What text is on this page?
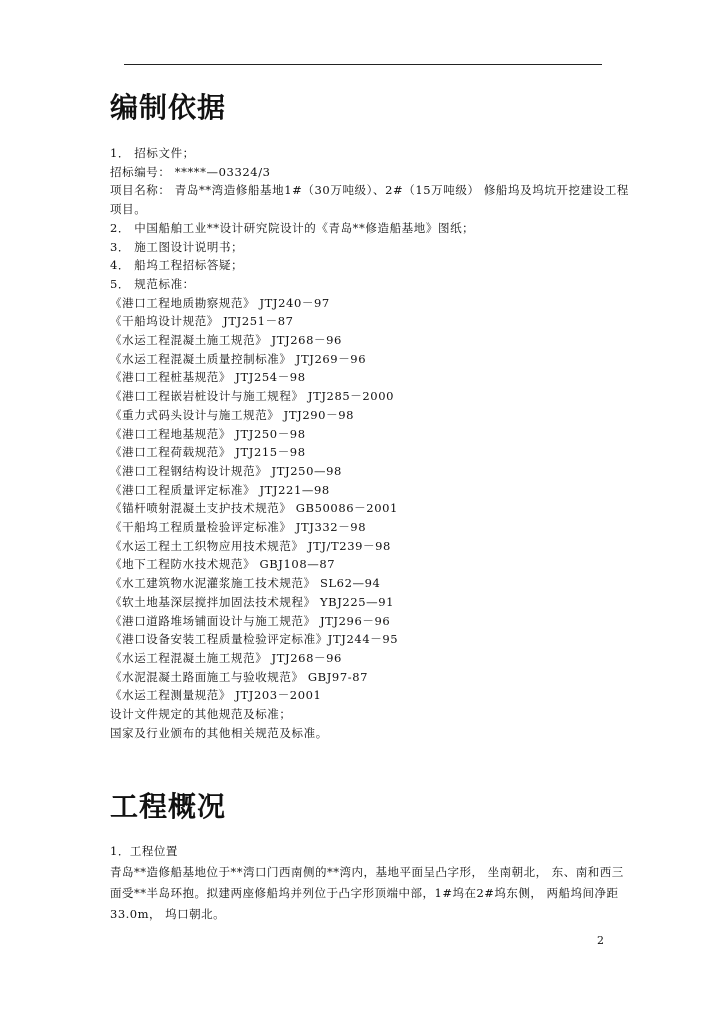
编制依据
1． 招标文件；
招标编号： *****—03324/3
项目名称： 青岛**湾造修船基地1#（30万吨级）、2#（15万吨级） 修船坞及坞坑开挖建设工程项目。
2． 中国船舶工业**设计研究院设计的《青岛**修造船基地》图纸；
3． 施工图设计说明书；
4． 船坞工程招标答疑；
5． 规范标准：
《港口工程地质勘察规范》 JTJ240－97
《干船坞设计规范》 JTJ251－87
《水运工程混凝土施工规范》 JTJ268－96
《水运工程混凝土质量控制标准》 JTJ269－96
《港口工程桩基规范》 JTJ254－98
《港口工程嵌岩桩设计与施工规程》 JTJ285－2000
《重力式码头设计与施工规范》 JTJ290－98
《港口工程地基规范》 JTJ250－98
《港口工程荷载规范》 JTJ215－98
《港口工程钢结构设计规范》 JTJ250—98
《港口工程质量评定标准》 JTJ221—98
《锚杆喷射混凝土支护技术规范》 GB50086－2001
《干船坞工程质量检验评定标准》 JTJ332－98
《水运工程土工织物应用技术规范》 JTJ/T239－98
《地下工程防水技术规范》 GBJ108—87
《水工建筑物水泥灌浆施工技术规范》 SL62—94
《软土地基深层搅拌加固法技术规程》 YBJ225—91
《港口道路堆场铺面设计与施工规范》 JTJ296－96
《港口设备安装工程质量检验评定标准》JTJ244－95
《水运工程混凝土施工规范》 JTJ268－96
《水泥混凝土路面施工与验收规范》 GBJ97-87
《水运工程测量规范》 JTJ203－2001
设计文件规定的其他规范及标准；
国家及行业颁布的其他相关规范及标准。
工程概况
1．工程位置
青岛**造修船基地位于**湾口门西南侧的**湾内，基地平面呈凸字形， 坐南朝北， 东、南和西三面受**半岛环抱。拟建两座修船坞并列位于凸字形顶端中部，1#坞在2#坞东侧， 两船坞间净距33.0m， 坞口朝北。
2
